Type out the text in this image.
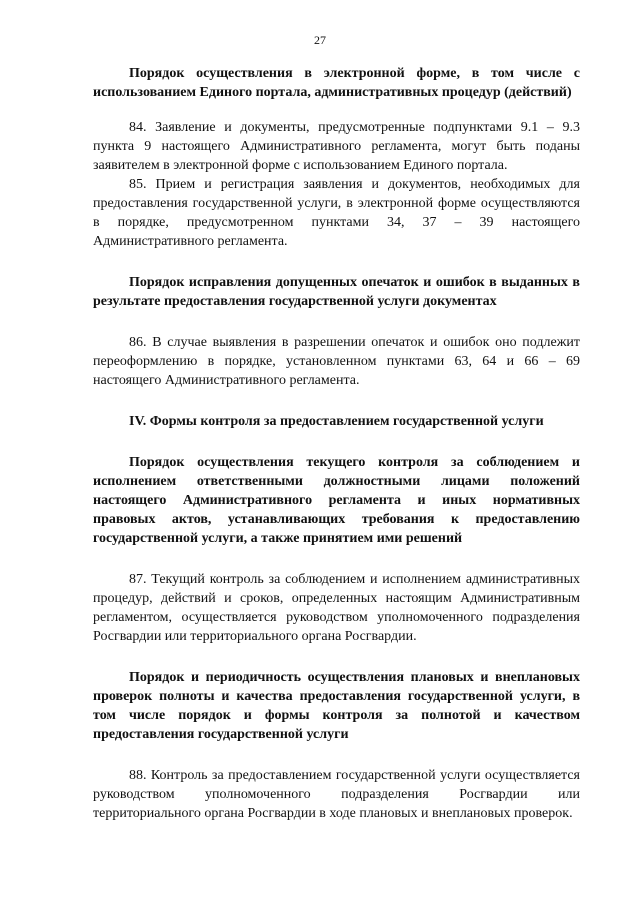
27

Порядок осуществления в электронной форме, в том числе с использованием Единого портала, административных процедур (действий)

84. Заявление и документы, предусмотренные подпунктами 9.1 – 9.3 пункта 9 настоящего Административного регламента, могут быть поданы заявителем в электронной форме с использованием Единого портала.

85. Прием и регистрация заявления и документов, необходимых для предоставления государственной услуги, в электронной форме осуществляются в порядке, предусмотренном пунктами 34, 37 – 39 настоящего Административного регламента.

Порядок исправления допущенных опечаток и ошибок в выданных в результате предоставления государственной услуги документах

86. В случае выявления в разрешении опечаток и ошибок оно подлежит переоформлению в порядке, установленном пунктами 63, 64 и 66 – 69 настоящего Административного регламента.

IV. Формы контроля за предоставлением государственной услуги

Порядок осуществления текущего контроля за соблюдением и исполнением ответственными должностными лицами положений настоящего Административного регламента и иных нормативных правовых актов, устанавливающих требования к предоставлению государственной услуги, а также принятием ими решений

87. Текущий контроль за соблюдением и исполнением административных процедур, действий и сроков, определенных настоящим Административным регламентом, осуществляется руководством уполномоченного подразделения Росгвардии или территориального органа Росгвардии.

Порядок и периодичность осуществления плановых и внеплановых проверок полноты и качества предоставления государственной услуги, в том числе порядок и формы контроля за полнотой и качеством предоставления государственной услуги

88. Контроль за предоставлением государственной услуги осуществляется руководством уполномоченного подразделения Росгвардии или территориального органа Росгвардии в ходе плановых и внеплановых проверок.
